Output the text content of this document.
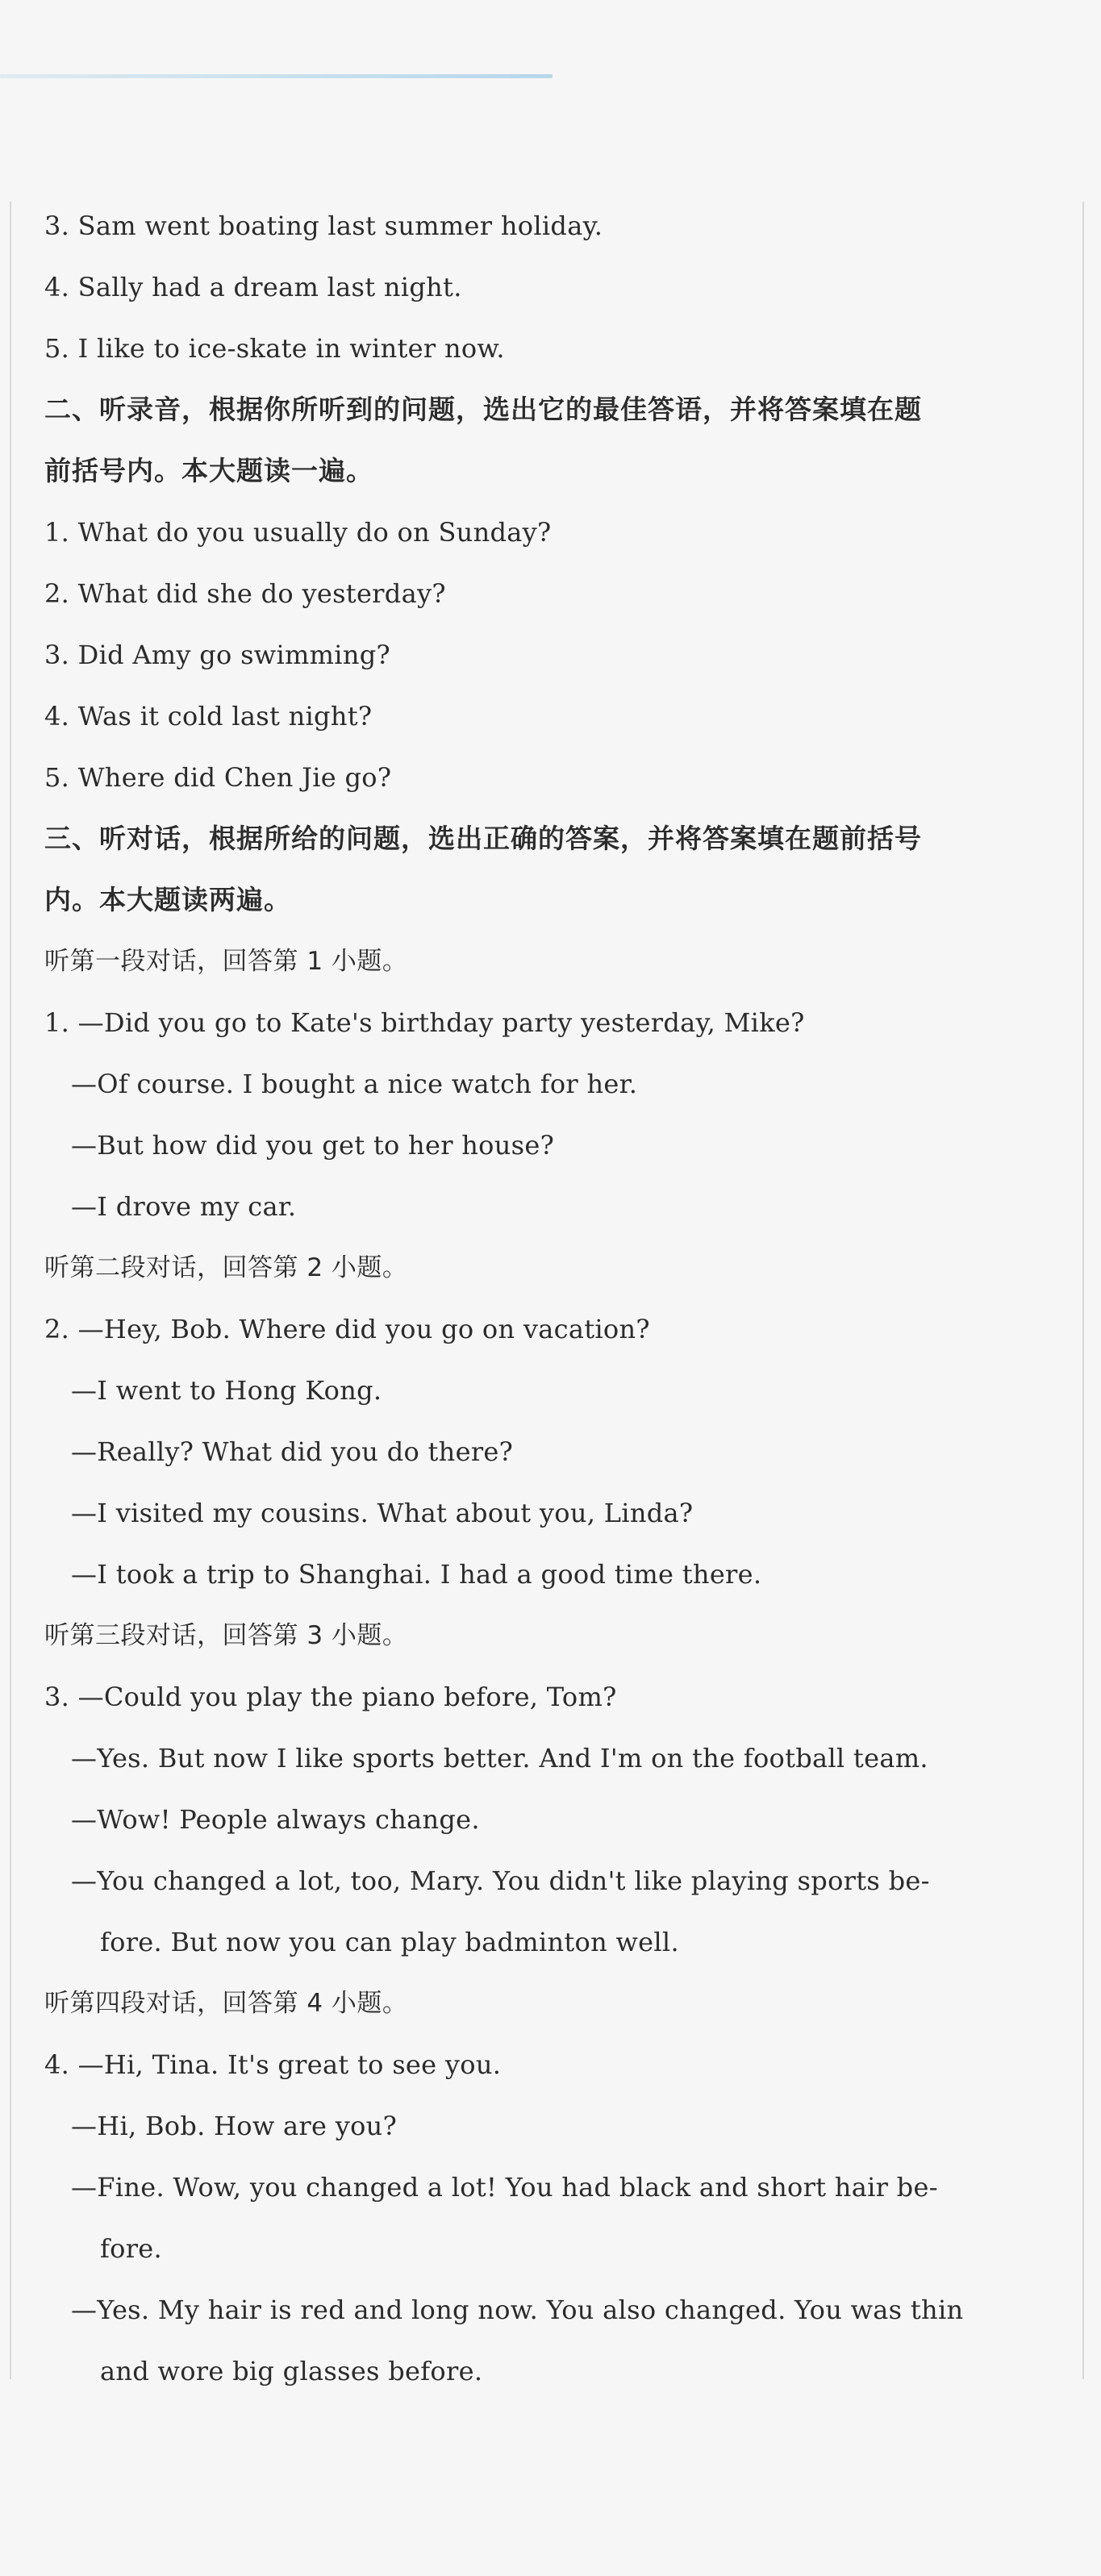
3. Sam went boating last summer holiday.
4. Sally had a dream last night.
5. I like to ice-skate in winter now.
二、听录音，根据你所听到的问题，选出它的最佳答语，并将答案填在题
前括号内。本大题读一遍。
1. What do you usually do on Sunday?
2. What did she do yesterday?
3. Did Amy go swimming?
4. Was it cold last night?
5. Where did Chen Jie go?
三、听对话，根据所给的问题，选出正确的答案，并将答案填在题前括号
内。本大题读两遍。
听第一段对话，回答第 1 小题。
1. —Did you go to Kate's birthday party yesterday, Mike?
—Of course. I bought a nice watch for her.
—But how did you get to her house?
—I drove my car.
听第二段对话，回答第 2 小题。
2. —Hey, Bob. Where did you go on vacation?
—I went to Hong Kong.
—Really? What did you do there?
—I visited my cousins. What about you, Linda?
—I took a trip to Shanghai. I had a good time there.
听第三段对话，回答第 3 小题。
3. —Could you play the piano before, Tom?
—Yes. But now I like sports better. And I'm on the football team.
—Wow! People always change.
—You changed a lot, too, Mary. You didn't like playing sports be-
fore. But now you can play badminton well.
听第四段对话，回答第 4 小题。
4. —Hi, Tina. It's great to see you.
—Hi, Bob. How are you?
—Fine. Wow, you changed a lot! You had black and short hair be-
fore.
—Yes. My hair is red and long now. You also changed. You was thin
and wore big glasses before.
